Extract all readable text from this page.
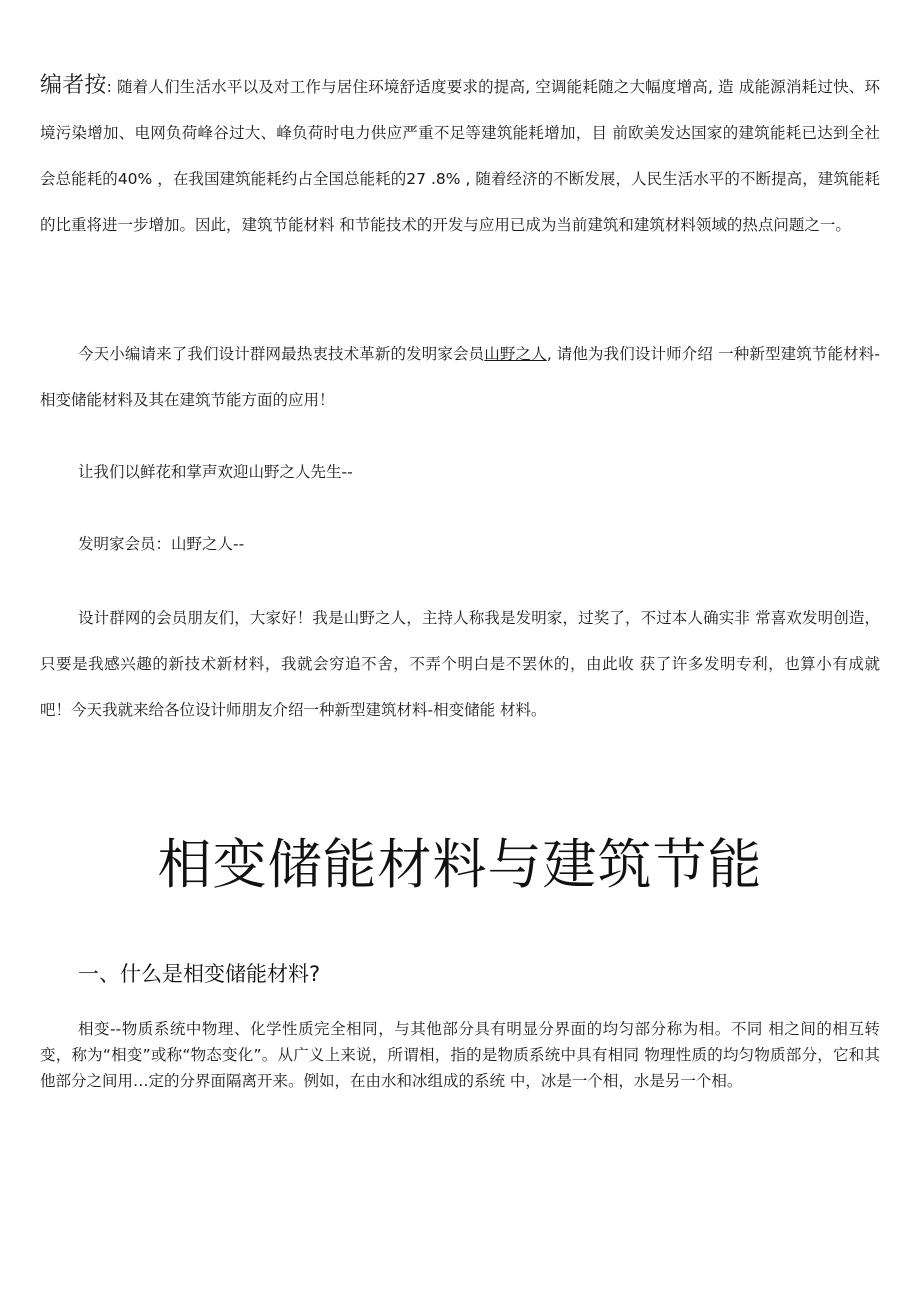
编者按: 随着人们生活水平以及对工作与居住环境舒适度要求的提高, 空调能耗随之大幅度增高, 造 成能源消耗过快、环境污染增加、电网负荷峰谷过大、峰负荷时电力供应严重不足等建筑能耗增加，目 前欧美发达国家的建筑能耗已达到全社会总能耗的40% ，在我国建筑能耗约占全国总能耗的27 .8% , 随着经济的不断发展，人民生活水平的不断提高，建筑能耗的比重将进一步增加。因此，建筑节能材料 和节能技术的开发与应用已成为当前建筑和建筑材料领域的热点问题之一。

今天小编请来了我们设计群网最热衷技术革新的发明家会员山野之人, 请他为我们设计师介绍 一种新型建筑节能材料-相变储能材料及其在建筑节能方面的应用！

让我们以鲜花和掌声欢迎山野之人先生--

发明家会员：山野之人--

设计群网的会员朋友们，大家好！我是山野之人，主持人称我是发明家，过奖了，不过本人确实非 常喜欢发明创造，只要是我感兴趣的新技术新材料，我就会穷追不舍，不弄个明白是不罢休的，由此收 获了许多发明专利，也算小有成就吧！今天我就来给各位设计师朋友介绍一种新型建筑材料-相变储能 材料。

相变储能材料与建筑节能
一、什么是相变储能材料?

相变--物质系统中物理、化学性质完全相同，与其他部分具有明显分界面的均匀部分称为相。不同 相之间的相互转变，称为“相变”或称“物态变化”。从广义上来说，所谓相，指的是物质系统中具有相同 物理性质的均匀物质部分，它和其他部分之间用…定的分界面隔离开来。例如，在由水和冰组成的系统 中，冰是一个相，水是另一个相。
